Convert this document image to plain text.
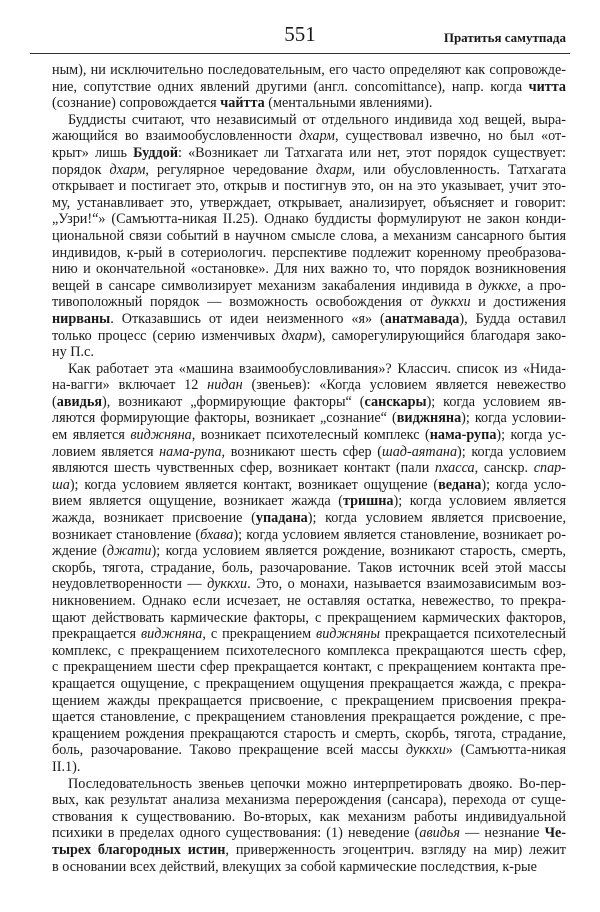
551	Пратитья самутпада
ным), ни исключительно последовательным, его часто определяют как сопровожде-
ние, сопутствие одних явлений другими (англ. concomittance), напр. когда читта
(сознание) сопровождается чайтта (ментальными явлениями).
Буддисты считают, что независимый от отдельного индивида ход вещей, выра-
жающийся во взаимообусловленности дхарм, существовал извечно, но был «от-
крыт» лишь Буддой: «Возникает ли Татхагата или нет, этот порядок существует:
порядок дхарм, регулярное чередование дхарм, или обусловленность. Татхагата
открывает и постигает это, открыв и постигнув это, он на это указывает, учит это-
му, устанавливает это, утверждает, открывает, анализирует, объясняет и говорит:
„Узри!“» (Самъютта-никая II.25). Однако буддисты формулируют не закон конди-
циональной связи событий в научном смысле слова, а механизм сансарного бытия
индивидов, к-рый в сотериологич. перспективе подлежит коренному преобразова-
нию и окончательной «остановке». Для них важно то, что порядок возникновения
вещей в сансаре символизирует механизм закабаления индивида в дуккхе, а про-
тивоположный порядок — возможность освобождения от дуккхи и достижения
нирваны. Отказавшись от идеи неизменного «я» (анатмавада), Будда оставил
только процесс (серию изменчивых дхарм), саморегулирующийся благодаря зако-
ну П.с.
Как работает эта «машина взаимообусловливания»? Классич. список из «Нида-
на-вагги» включает 12 нидан (звеньев): «Когда условием является невежество
(авидья), возникают „формирующие факторы“ (санскары); когда условием яв-
ляются формирующие факторы, возникает „сознание“ (виджняна); когда условии-
ем является виджняна, возникает психотелесный комплекс (нама-рупа); когда ус-
ловием является нама-рупа, возникают шесть сфер (шад-аятана); когда условием
являются шесть чувственных сфер, возникает контакт (пали пхасса, санскр. спар-
ша); когда условием является контакт, возникает ощущение (ведана); когда усло-
вием является ощущение, возникает жажда (тришна); когда условием является
жажда, возникает присвоение (упадана); когда условием является присвоение,
возникает становление (бхава); когда условием является становление, возникает ро-
ждение (джати); когда условием является рождение, возникают старость, смерть,
скорбь, тягота, страдание, боль, разочарование. Таков источник всей этой массы
неудовлетворенности — дуккхи. Это, о монахи, называется взаимозависимым воз-
никновением. Однако если исчезает, не оставляя остатка, невежество, то прекра-
щают действовать кармические факторы, с прекращением кармических факторов,
прекращается виджняна, с прекращением виджняны прекращается психотелесный
комплекс, с прекращением психотелесного комплекса прекращаются шесть сфер,
с прекращением шести сфер прекращается контакт, с прекращением контакта пре-
кращается ощущение, с прекращением ощущения прекращается жажда, с прекра-
щением жажды прекращается присвоение, с прекращением присвоения прекра-
щается становление, с прекращением становления прекращается рождение, с пре-
кращением рождения прекращаются старость и смерть, скорбь, тягота, страдание,
боль, разочарование. Таково прекращение всей массы дуккхи» (Самъютта-никая
II.1).
Последовательность звеньев цепочки можно интерпретировать двояко. Во-пер-
вых, как результат анализа механизма перерождения (сансара), перехода от суще-
ствования к существованию. Во-вторых, как механизм работы индивидуальной
психики в пределах одного существования: (1) неведение (авидья — незнание Че-
тырех благородных истин, приверженность эгоцентрич. взгляду на мир) лежит
в основании всех действий, влекущих за собой кармические последствия, к-рые
